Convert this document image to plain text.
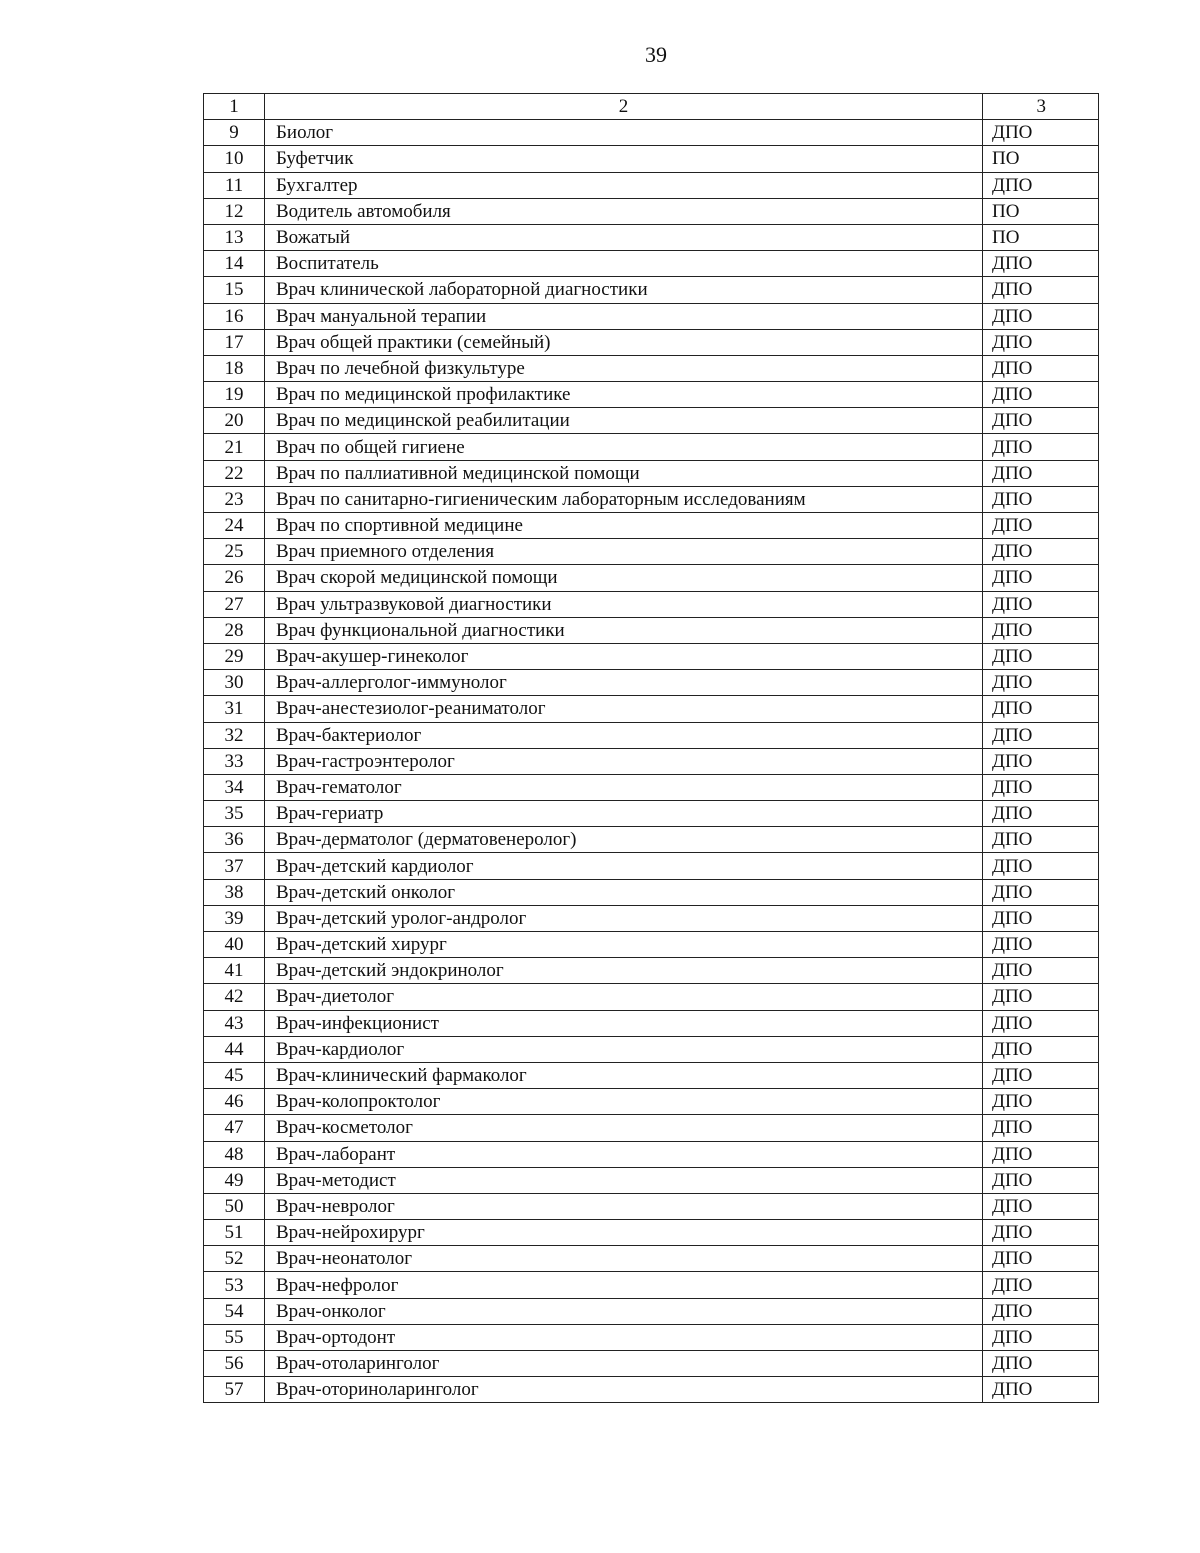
39
1	2	3
9	Биолог	ДПО
10	Буфетчик	ПО
11	Бухгалтер	ДПО
12	Водитель автомобиля	ПО
13	Вожатый	ПО
14	Воспитатель	ДПО
15	Врач клинической лабораторной диагностики	ДПО
16	Врач мануальной терапии	ДПО
17	Врач общей практики (семейный)	ДПО
18	Врач по лечебной физкультуре	ДПО
19	Врач по медицинской профилактике	ДПО
20	Врач по медицинской реабилитации	ДПО
21	Врач по общей гигиене	ДПО
22	Врач по паллиативной медицинской помощи	ДПО
23	Врач по санитарно-гигиеническим лабораторным исследованиям	ДПО
24	Врач по спортивной медицине	ДПО
25	Врач приемного отделения	ДПО
26	Врач скорой медицинской помощи	ДПО
27	Врач ультразвуковой диагностики	ДПО
28	Врач функциональной диагностики	ДПО
29	Врач-акушер-гинеколог	ДПО
30	Врач-аллерголог-иммунолог	ДПО
31	Врач-анестезиолог-реаниматолог	ДПО
32	Врач-бактериолог	ДПО
33	Врач-гастроэнтеролог	ДПО
34	Врач-гематолог	ДПО
35	Врач-гериатр	ДПО
36	Врач-дерматолог (дерматовенеролог)	ДПО
37	Врач-детский кардиолог	ДПО
38	Врач-детский онколог	ДПО
39	Врач-детский уролог-андролог	ДПО
40	Врач-детский хирург	ДПО
41	Врач-детский эндокринолог	ДПО
42	Врач-диетолог	ДПО
43	Врач-инфекционист	ДПО
44	Врач-кардиолог	ДПО
45	Врач-клинический фармаколог	ДПО
46	Врач-колопроктолог	ДПО
47	Врач-косметолог	ДПО
48	Врач-лаборант	ДПО
49	Врач-методист	ДПО
50	Врач-невролог	ДПО
51	Врач-нейрохирург	ДПО
52	Врач-неонатолог	ДПО
53	Врач-нефролог	ДПО
54	Врач-онколог	ДПО
55	Врач-ортодонт	ДПО
56	Врач-отоларинголог	ДПО
57	Врач-оториноларинголог	ДПО
